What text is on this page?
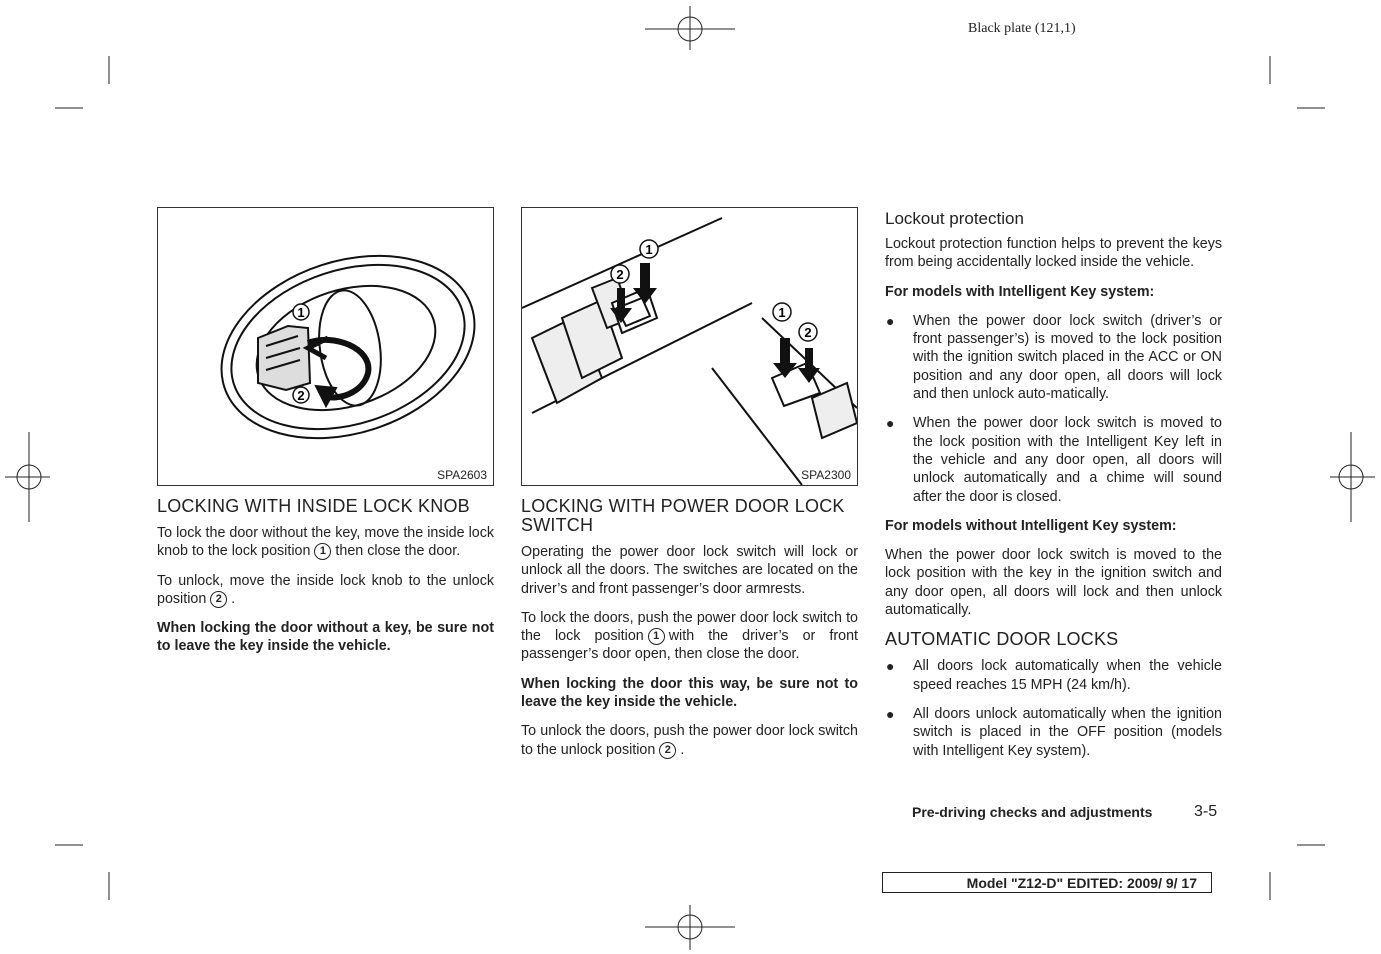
Black plate (121,1)
1
2
SPA2603
1
2
1
2
SPA2300
LOCKING WITH INSIDE LOCK KNOB

To lock the door without the key, move the inside lock knob to the lock position 1 then close the door.

To unlock, move the inside lock knob to the unlock position 2 .

When locking the door without a key, be sure not to leave the key inside the vehicle.

LOCKING WITH POWER DOOR LOCK SWITCH

Operating the power door lock switch will lock or unlock all the doors. The switches are located on the driver’s and front passenger’s door armrests.

To lock the doors, push the power door lock switch to the lock position 1 with the driver’s or front passenger’s door open, then close the door.

When locking the door this way, be sure not to leave the key inside the vehicle.

To unlock the doors, push the power door lock switch to the unlock position 2 .

Lockout protection

Lockout protection function helps to prevent the keys from being accidentally locked inside the vehicle.

For models with Intelligent Key system:

● When the power door lock switch (driver’s or front passenger’s) is moved to the lock position with the ignition switch placed in the ACC or ON position and any door open, all doors will lock and then unlock auto-matically.
● When the power door lock switch is moved to the lock position with the Intelligent Key left in the vehicle and any door open, all doors will unlock automatically and a chime will sound after the door is closed.

For models without Intelligent Key system:

When the power door lock switch is moved to the lock position with the key in the ignition switch and any door open, all doors will lock and then unlock automatically.

AUTOMATIC DOOR LOCKS
● All doors lock automatically when the vehicle speed reaches 15 MPH (24 km/h).
● All doors unlock automatically when the ignition switch is placed in the OFF position (models with Intelligent Key system).
Pre-driving checks and adjustments	3-5
Model "Z12-D" EDITED: 2009/ 9/ 17
